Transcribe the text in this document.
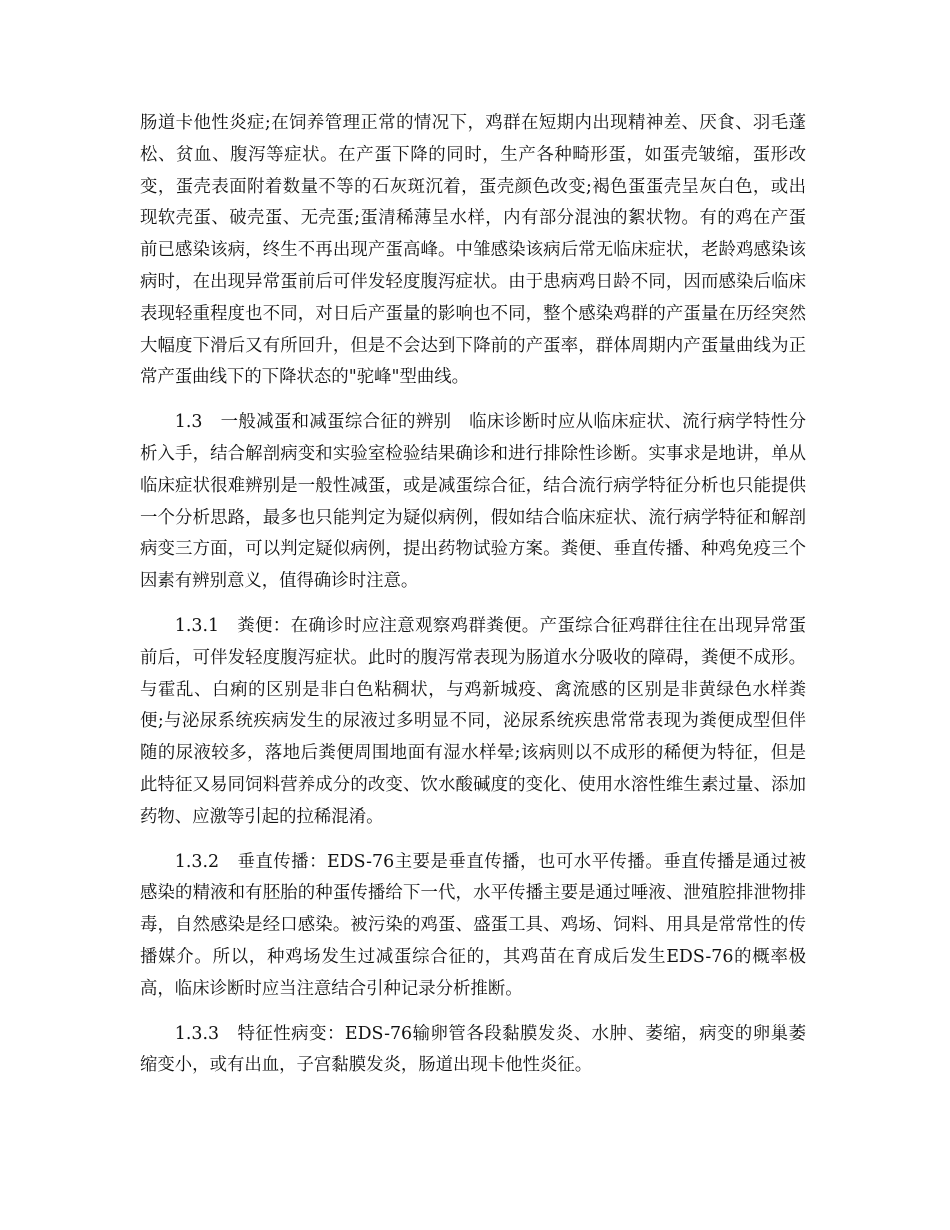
肠道卡他性炎症;在饲养管理正常的情况下，鸡群在短期内出现精神差、厌食、羽毛蓬松、贫血、腹泻等症状。在产蛋下降的同时，生产各种畸形蛋，如蛋壳皱缩，蛋形改变，蛋壳表面附着数量不等的石灰斑沉着，蛋壳颜色改变;褐色蛋蛋壳呈灰白色，或出现软壳蛋、破壳蛋、无壳蛋;蛋清稀薄呈水样，内有部分混浊的絮状物。有的鸡在产蛋前已感染该病，终生不再出现产蛋高峰。中雏感染该病后常无临床症状，老龄鸡感染该病时，在出现异常蛋前后可伴发轻度腹泻症状。由于患病鸡日龄不同，因而感染后临床表现轻重程度也不同，对日后产蛋量的影响也不同，整个感染鸡群的产蛋量在历经突然大幅度下滑后又有所回升，但是不会达到下降前的产蛋率，群体周期内产蛋量曲线为正常产蛋曲线下的下降状态的"驼峰"型曲线。

1.3　一般减蛋和减蛋综合征的辨别　临床诊断时应从临床症状、流行病学特性分析入手，结合解剖病变和实验室检验结果确诊和进行排除性诊断。实事求是地讲，单从临床症状很难辨别是一般性减蛋，或是减蛋综合征，结合流行病学特征分析也只能提供一个分析思路，最多也只能判定为疑似病例，假如结合临床症状、流行病学特征和解剖病变三方面，可以判定疑似病例，提出药物试验方案。粪便、垂直传播、种鸡免疫三个因素有辨别意义，值得确诊时注意。

1.3.1　粪便：在确诊时应注意观察鸡群粪便。产蛋综合征鸡群往往在出现异常蛋前后，可伴发轻度腹泻症状。此时的腹泻常表现为肠道水分吸收的障碍，粪便不成形。与霍乱、白痢的区别是非白色粘稠状，与鸡新城疫、禽流感的区别是非黄绿色水样粪便;与泌尿系统疾病发生的尿液过多明显不同，泌尿系统疾患常常表现为粪便成型但伴随的尿液较多，落地后粪便周围地面有湿水样晕;该病则以不成形的稀便为特征，但是此特征又易同饲料营养成分的改变、饮水酸碱度的变化、使用水溶性维生素过量、添加药物、应激等引起的拉稀混淆。

1.3.2　垂直传播：EDS-76主要是垂直传播，也可水平传播。垂直传播是通过被感染的精液和有胚胎的种蛋传播给下一代，水平传播主要是通过唾液、泄殖腔排泄物排毒，自然感染是经口感染。被污染的鸡蛋、盛蛋工具、鸡场、饲料、用具是常常性的传播媒介。所以，种鸡场发生过减蛋综合征的，其鸡苗在育成后发生EDS-76的概率极高，临床诊断时应当注意结合引种记录分析推断。

1.3.3　特征性病变：EDS-76输卵管各段黏膜发炎、水肿、萎缩，病变的卵巢萎缩变小，或有出血，子宫黏膜发炎，肠道出现卡他性炎征。
